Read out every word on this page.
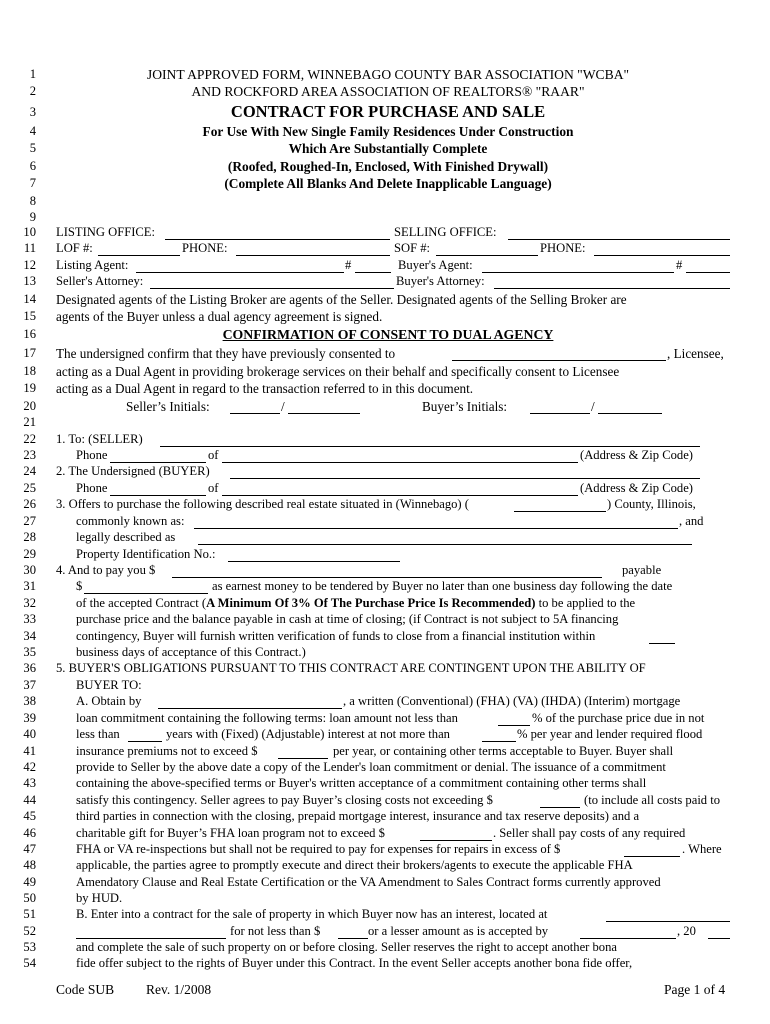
1
2
3
4
5
6
7
8
9
10
11
12
13
14
15
16
17
18
19
20
21
22
23
24
25
26
27
28
29
30
31
32
33
34
35
36
37
38
39
40
41
42
43
44
45
46
47
48
49
50
51
52
53
54
JOINT APPROVED FORM, WINNEBAGO COUNTY BAR ASSOCIATION "WCBA"
AND ROCKFORD AREA ASSOCIATION OF REALTORS® "RAAR"
CONTRACT FOR PURCHASE AND SALE
For Use With New Single Family Residences Under Construction
Which Are Substantially Complete
(Roofed, Roughed-In, Enclosed, With Finished Drywall)
(Complete All Blanks And Delete Inapplicable Language)
LISTING OFFICE:	SELLING OFFICE:
LOF #:	PHONE:	SOF #:	PHONE:
Listing Agent:	#	Buyer's Agent:	#
Seller's Attorney:	Buyer's Attorney:
Designated agents of the Listing Broker are agents of the Seller. Designated agents of the Selling Broker are
agents of the Buyer unless a dual agency agreement is signed.
CONFIRMATION OF CONSENT TO DUAL AGENCY
The undersigned confirm that they have previously consented to	, Licensee,
acting as a Dual Agent in providing brokerage services on their behalf and specifically consent to Licensee
acting as a Dual Agent in regard to the transaction referred to in this document.
Seller’s Initials:	/	Buyer’s Initials:	/
1. To: (SELLER)
Phone	of	(Address & Zip Code)
2. The Undersigned (BUYER)
Phone	of	(Address & Zip Code)
3. Offers to purchase the following described real estate situated in (Winnebago) (	) County, Illinois,
commonly known as:	, and
legally described as
Property Identification No.:
4. And to pay you $	payable
$	as earnest money to be tendered by Buyer no later than one business day following the date
of the accepted Contract (A Minimum Of 3% Of The Purchase Price Is Recommended) to be applied to the
purchase price and the balance payable in cash at time of closing; (if Contract is not subject to 5A financing
contingency, Buyer will furnish written verification of funds to close from a financial institution within
business days of acceptance of this Contract.)
5. BUYER'S OBLIGATIONS PURSUANT TO THIS CONTRACT ARE CONTINGENT UPON THE ABILITY OF
BUYER TO:
A. Obtain by	, a written (Conventional) (FHA) (VA) (IHDA) (Interim) mortgage
loan commitment containing the following terms: loan amount not less than	% of the purchase price due in not
less than	years with (Fixed) (Adjustable) interest at not more than	% per year and lender required flood
insurance premiums not to exceed $	per year, or containing other terms acceptable to Buyer. Buyer shall
provide to Seller by the above date a copy of the Lender's loan commitment or denial. The issuance of a commitment
containing the above-specified terms or Buyer's written acceptance of a commitment containing other terms shall
satisfy this contingency. Seller agrees to pay Buyer’s closing costs not exceeding $	(to include all costs paid to
third parties in connection with the closing, prepaid mortgage interest, insurance and tax reserve deposits) and a
charitable gift for Buyer’s FHA loan program not to exceed $	. Seller shall pay costs of any required
FHA or VA re-inspections but shall not be required to pay for expenses for repairs in excess of $	. Where
applicable, the parties agree to promptly execute and direct their brokers/agents to execute the applicable FHA
Amendatory Clause and Real Estate Certification or the VA Amendment to Sales Contract forms currently approved
by HUD.
B. Enter into a contract for the sale of property in which Buyer now has an interest, located at
for not less than $	or a lesser amount as is accepted by	, 20
and complete the sale of such property on or before closing. Seller reserves the right to accept another bona
fide offer subject to the rights of Buyer under this Contract. In the event Seller accepts another bona fide offer,
Code SUB Rev. 1/2008	Page 1 of 4
